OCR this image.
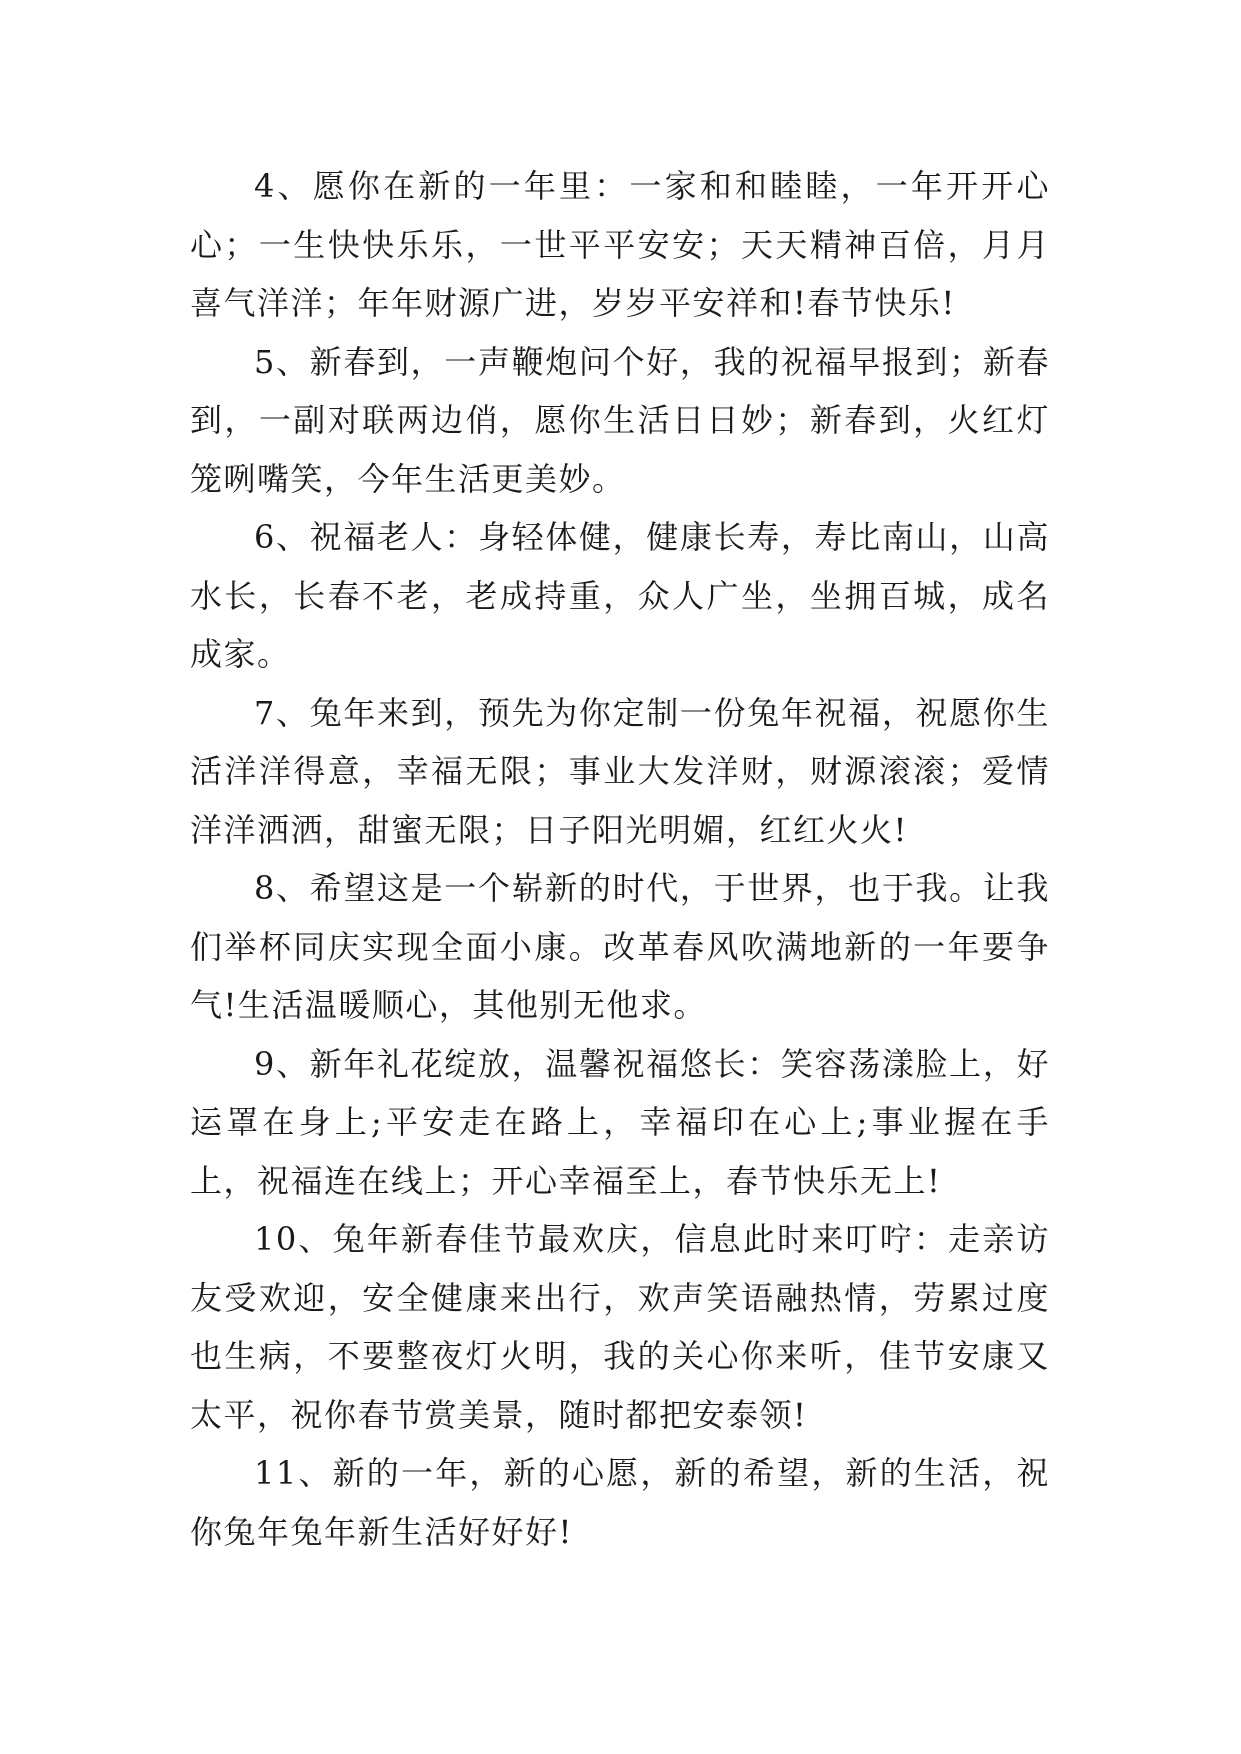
4、愿你在新的一年里：一家和和睦睦，一年开开心心；一生快快乐乐，一世平平安安；天天精神百倍，月月喜气洋洋；年年财源广进，岁岁平安祥和!春节快乐!

5、新春到，一声鞭炮问个好，我的祝福早报到；新春到，一副对联两边俏，愿你生活日日妙；新春到，火红灯笼咧嘴笑，今年生活更美妙。

6、祝福老人：身轻体健，健康长寿，寿比南山，山高水长，长春不老，老成持重，众人广坐，坐拥百城，成名成家。

7、兔年来到，预先为你定制一份兔年祝福，祝愿你生活洋洋得意，幸福无限；事业大发洋财，财源滚滚；爱情洋洋洒洒，甜蜜无限；日子阳光明媚，红红火火!

8、希望这是一个崭新的时代，于世界，也于我。让我们举杯同庆实现全面小康。改革春风吹满地新的一年要争气!生活温暖顺心，其他别无他求。

9、新年礼花绽放，温馨祝福悠长：笑容荡漾脸上，好运罩在身上;平安走在路上，幸福印在心上;事业握在手上，祝福连在线上；开心幸福至上，春节快乐无上!

10、兔年新春佳节最欢庆，信息此时来叮咛：走亲访友受欢迎，安全健康来出行，欢声笑语融热情，劳累过度也生病，不要整夜灯火明，我的关心你来听，佳节安康又太平，祝你春节赏美景，随时都把安泰领!

11、新的一年，新的心愿，新的希望，新的生活，祝你兔年兔年新生活好好好!
